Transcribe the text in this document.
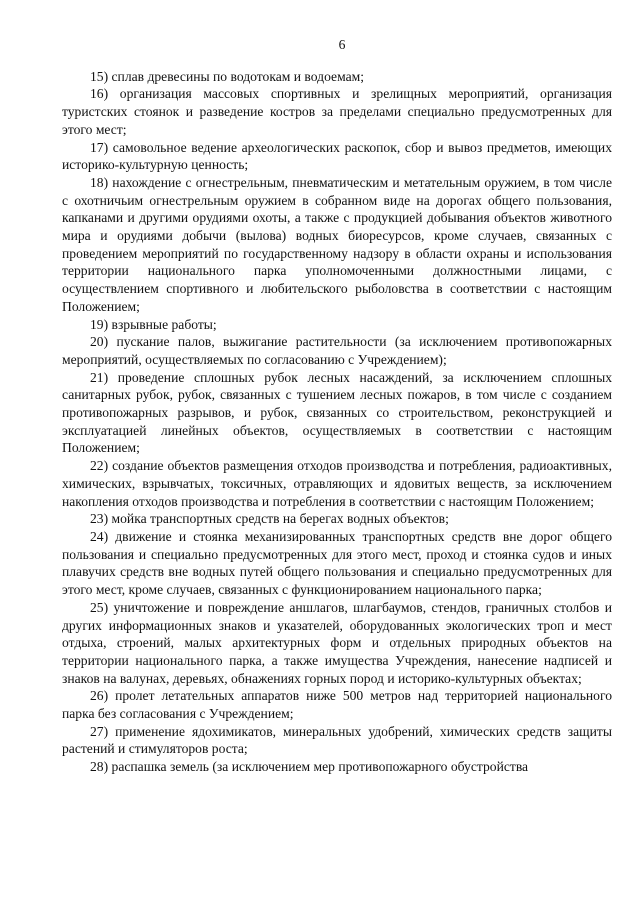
6

15) сплав древесины по водотокам и водоемам;

16) организация массовых спортивных и зрелищных мероприятий, организация туристских стоянок и разведение костров за пределами специально предусмотренных для этого мест;

17) самовольное ведение археологических раскопок, сбор и вывоз предметов, имеющих историко-культурную ценность;

18) нахождение с огнестрельным, пневматическим и метательным оружием, в том числе с охотничьим огнестрельным оружием в собранном виде на дорогах общего пользования, капканами и другими орудиями охоты, а также с продукцией добывания объектов животного мира и орудиями добычи (вылова) водных биоресурсов, кроме случаев, связанных с проведением мероприятий по государственному надзору в области охраны и использования территории национального парка уполномоченными должностными лицами, с осуществлением спортивного и любительского рыболовства в соответствии с настоящим Положением;

19) взрывные работы;

20) пускание палов, выжигание растительности (за исключением противопожарных мероприятий, осуществляемых по согласованию с Учреждением);

21) проведение сплошных рубок лесных насаждений, за исключением сплошных санитарных рубок, рубок, связанных с тушением лесных пожаров, в том числе с созданием противопожарных разрывов, и рубок, связанных со строительством, реконструкцией и эксплуатацией линейных объектов, осуществляемых в соответствии с настоящим Положением;

22) создание объектов размещения отходов производства и потребления, радиоактивных, химических, взрывчатых, токсичных, отравляющих и ядовитых веществ, за исключением накопления отходов производства и потребления в соответствии с настоящим Положением;

23) мойка транспортных средств на берегах водных объектов;

24) движение и стоянка механизированных транспортных средств вне дорог общего пользования и специально предусмотренных для этого мест, проход и стоянка судов и иных плавучих средств вне водных путей общего пользования и специально предусмотренных для этого мест, кроме случаев, связанных с функционированием национального парка;

25) уничтожение и повреждение аншлагов, шлагбаумов, стендов, граничных столбов и других информационных знаков и указателей, оборудованных экологических троп и мест отдыха, строений, малых архитектурных форм и отдельных природных объектов на территории национального парка, а также имущества Учреждения, нанесение надписей и знаков на валунах, деревьях, обнажениях горных пород и историко-культурных объектах;

26) пролет летательных аппаратов ниже 500 метров над территорией национального парка без согласования с Учреждением;

27) применение ядохимикатов, минеральных удобрений, химических средств защиты растений и стимуляторов роста;

28) распашка земель (за исключением мер противопожарного обустройства
